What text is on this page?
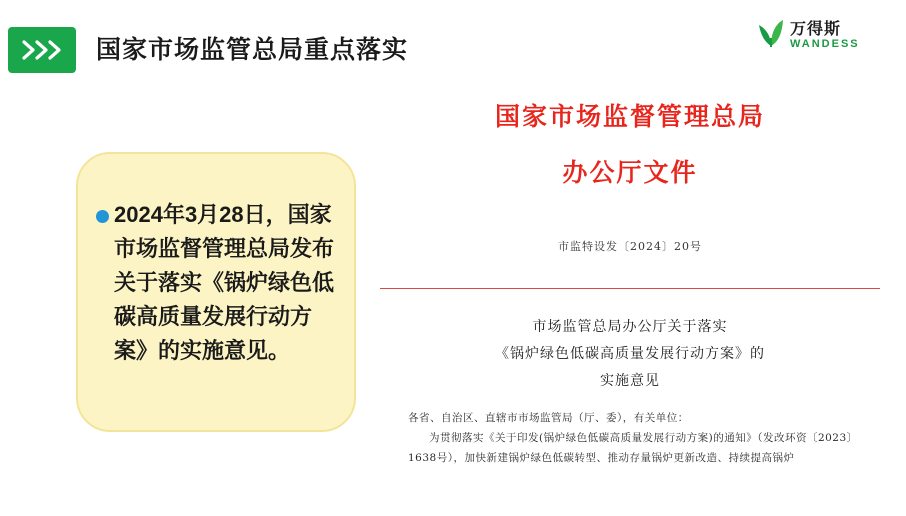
国家市场监管总局重点落实
万得斯
WANDESS
2024年3月28日，国家市场监督管理总局发布关于落实《锅炉绿色低碳高质量发展行动方案》的实施意见。
国家市场监督管理总局
办公厅文件
市监特设发〔2024〕20号
市场监管总局办公厅关于落实
《锅炉绿色低碳高质量发展行动方案》的
实施意见

各省、自治区、直辖市市场监管局（厅、委），有关单位：

为贯彻落实《关于印发(锅炉绿色低碳高质量发展行动方案)的通知》（发改环资〔2023〕1638号），加快新建锅炉绿色低碳转型、推动存量锅炉更新改造、持续提高锅炉
